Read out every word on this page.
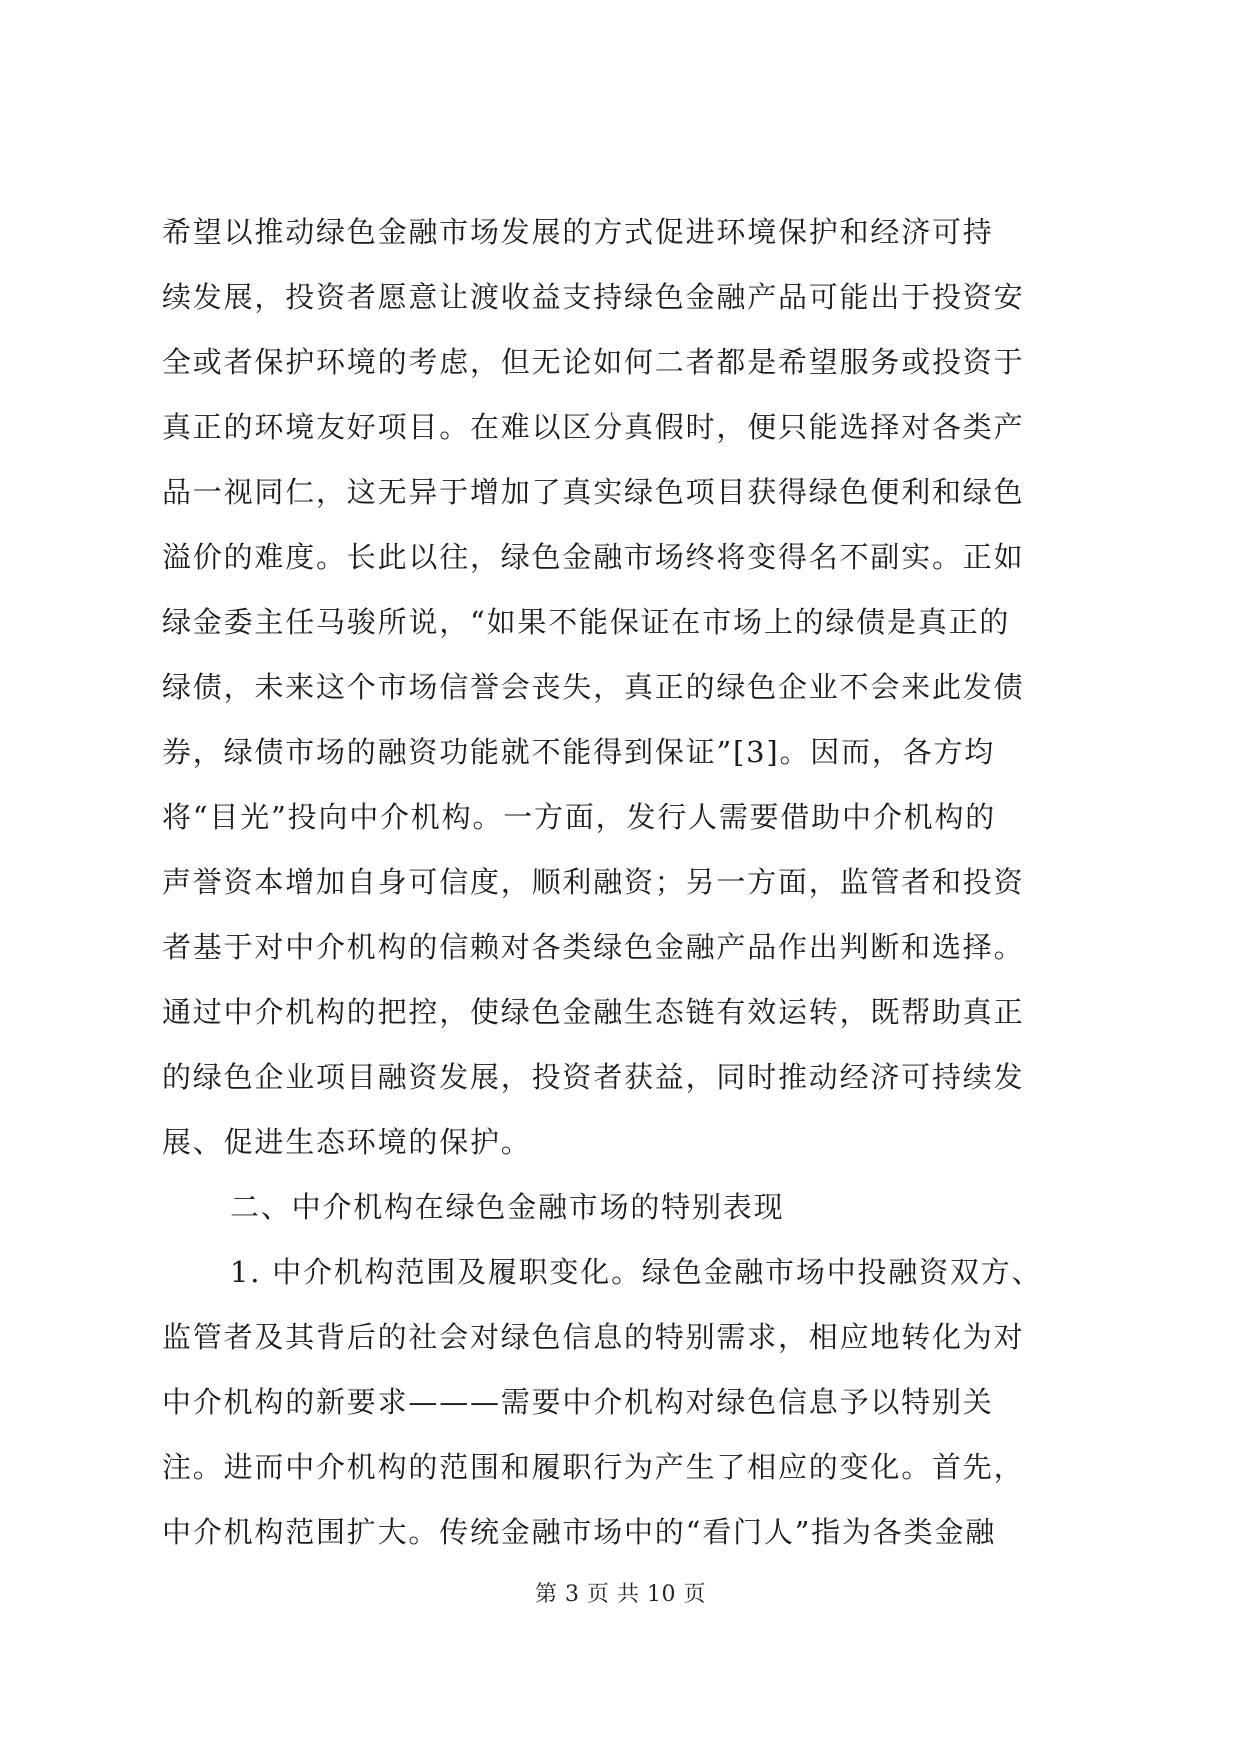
希望以推动绿色金融市场发展的方式促进环境保护和经济可持
续发展，投资者愿意让渡收益支持绿色金融产品可能出于投资安
全或者保护环境的考虑，但无论如何二者都是希望服务或投资于
真正的环境友好项目。在难以区分真假时，便只能选择对各类产
品一视同仁，这无异于增加了真实绿色项目获得绿色便利和绿色
溢价的难度。长此以往，绿色金融市场终将变得名不副实。正如
绿金委主任马骏所说，“如果不能保证在市场上的绿债是真正的
绿债，未来这个市场信誉会丧失，真正的绿色企业不会来此发债
券，绿债市场的融资功能就不能得到保证”[3]。因而，各方均
将“目光”投向中介机构。一方面，发行人需要借助中介机构的
声誉资本增加自身可信度，顺利融资；另一方面，监管者和投资
者基于对中介机构的信赖对各类绿色金融产品作出判断和选择。
通过中介机构的把控，使绿色金融生态链有效运转，既帮助真正
的绿色企业项目融资发展，投资者获益，同时推动经济可持续发
展、促进生态环境的保护。
二、中介机构在绿色金融市场的特别表现
1. 中介机构范围及履职变化。绿色金融市场中投融资双方、
监管者及其背后的社会对绿色信息的特别需求，相应地转化为对
中介机构的新要求———需要中介机构对绿色信息予以特别关
注。进而中介机构的范围和履职行为产生了相应的变化。首先，
中介机构范围扩大。传统金融市场中的“看门人”指为各类金融
第 3 页 共 10 页
